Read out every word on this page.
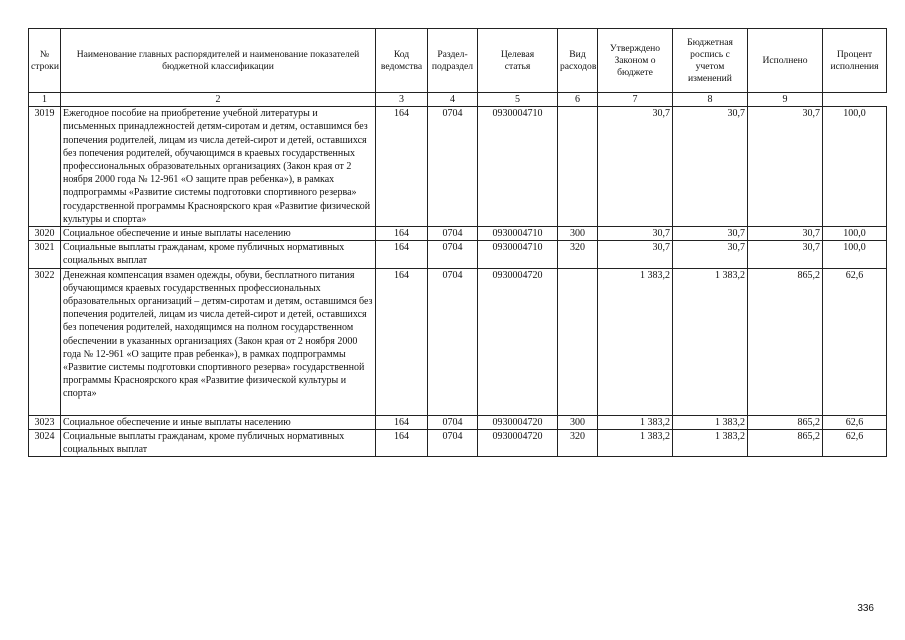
№ строки	Наименование главных распорядителей и наименование показателей бюджетной классификации	Код ведомства	Раздел-подраздел	Целевая статья	Вид расходов	Утверждено Законом о бюджете	Бюджетная роспись с учетом изменений	Исполнено	Процент исполнения
1	2	3	4	5	6	7	8	9	
3019	Ежегодное пособие на приобретение учебной литературы и письменных принадлежностей детям-сиротам и детям, оставшимся без попечения родителей, лицам из числа детей-сирот и детей, оставшихся без попечения родителей, обучающимся в краевых государственных профессиональных образовательных организациях (Закон края от 2 ноября 2000 года № 12-961 «О защите прав ребенка»), в рамках подпрограммы «Развитие системы подготовки спортивного резерва» государственной программы Красноярского края «Развитие физической культуры и спорта»	164	0704	0930004710		30,7	30,7	30,7	100,0
3020	Социальное обеспечение и иные выплаты населению	164	0704	0930004710	300	30,7	30,7	30,7	100,0
3021	Социальные выплаты гражданам, кроме публичных нормативных социальных выплат	164	0704	0930004710	320	30,7	30,7	30,7	100,0
3022	Денежная компенсация взамен одежды, обуви, бесплатного питания обучающимся краевых государственных профессиональных образовательных организаций – детям-сиротам и детям, оставшимся без попечения родителей, лицам из числа детей-сирот и детей, оставшихся без попечения родителей, находящимся на полном государственном обеспечении в указанных организациях (Закон края от 2 ноября 2000 года № 12-961 «О защите прав ребенка»), в рамках подпрограммы «Развитие системы подготовки спортивного резерва» государственной программы Красноярского края «Развитие физической культуры и спорта»	164	0704	0930004720		1 383,2	1 383,2	865,2	62,6
3023	Социальное обеспечение и иные выплаты населению	164	0704	0930004720	300	1 383,2	1 383,2	865,2	62,6
3024	Социальные выплаты гражданам, кроме публичных нормативных социальных выплат	164	0704	0930004720	320	1 383,2	1 383,2	865,2	62,6
336
